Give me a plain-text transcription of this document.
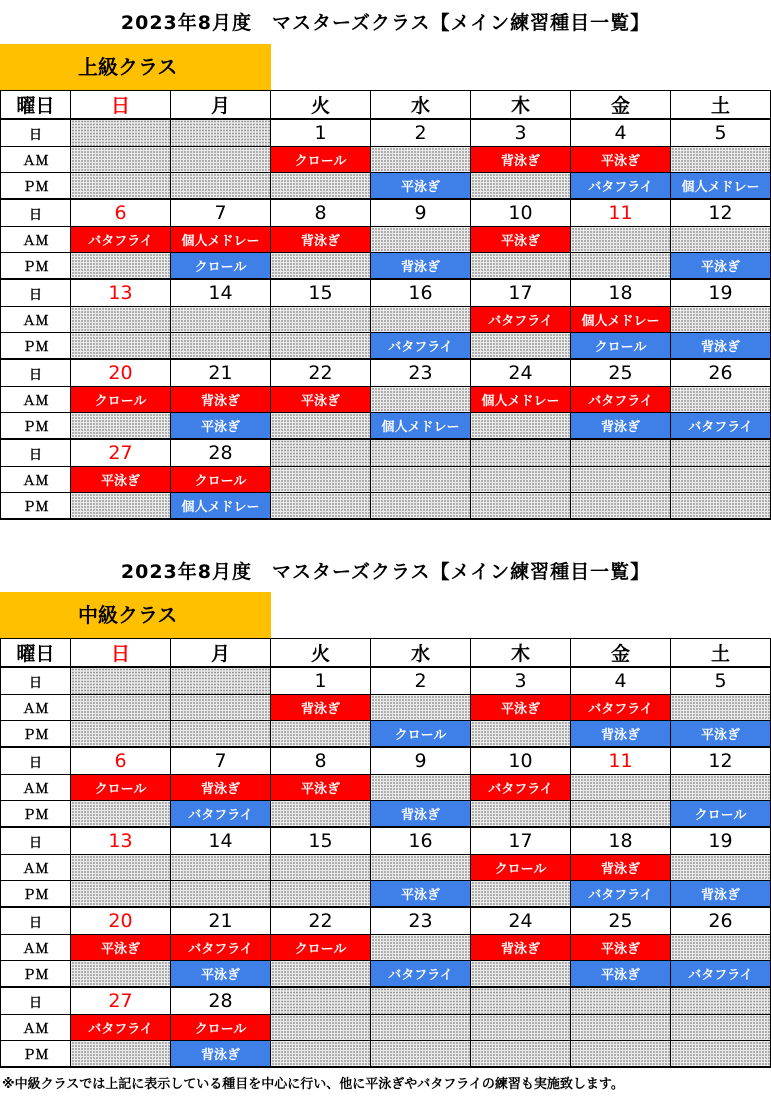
2023年8月度　マスターズクラス【メイン練習種目一覧】
上級クラス
曜日	日	月	火	水	木	金	土
日			1	2	3	4	5
ＡＭ			クロール		背泳ぎ	平泳ぎ	
ＰＭ				平泳ぎ		バタフライ	個人メドレー
日	6	7	8	9	10	11	12
ＡＭ	バタフライ	個人メドレー	背泳ぎ		平泳ぎ		
ＰＭ		クロール		背泳ぎ			平泳ぎ
日	13	14	15	16	17	18	19
ＡＭ					バタフライ	個人メドレー	
ＰＭ				バタフライ		クロール	背泳ぎ
日	20	21	22	23	24	25	26
ＡＭ	クロール	背泳ぎ	平泳ぎ		個人メドレー	バタフライ	
ＰＭ		平泳ぎ		個人メドレー		背泳ぎ	バタフライ
日	27	28					
ＡＭ	平泳ぎ	クロール					
ＰＭ		個人メドレー					
2023年8月度　マスターズクラス【メイン練習種目一覧】
中級クラス
曜日	日	月	火	水	木	金	土
日			1	2	3	4	5
ＡＭ			背泳ぎ		平泳ぎ	バタフライ	
ＰＭ				クロール		背泳ぎ	平泳ぎ
日	6	7	8	9	10	11	12
ＡＭ	クロール	背泳ぎ	平泳ぎ		バタフライ		
ＰＭ		バタフライ		背泳ぎ			クロール
日	13	14	15	16	17	18	19
ＡＭ					クロール	背泳ぎ	
ＰＭ				平泳ぎ		バタフライ	背泳ぎ
日	20	21	22	23	24	25	26
ＡＭ	平泳ぎ	バタフライ	クロール		背泳ぎ	平泳ぎ	
ＰＭ		平泳ぎ		バタフライ		平泳ぎ	バタフライ
日	27	28					
ＡＭ	バタフライ	クロール					
ＰＭ		背泳ぎ					
※中級クラスでは上記に表示している種目を中心に行い、他に平泳ぎやバタフライの練習も実施致します。
